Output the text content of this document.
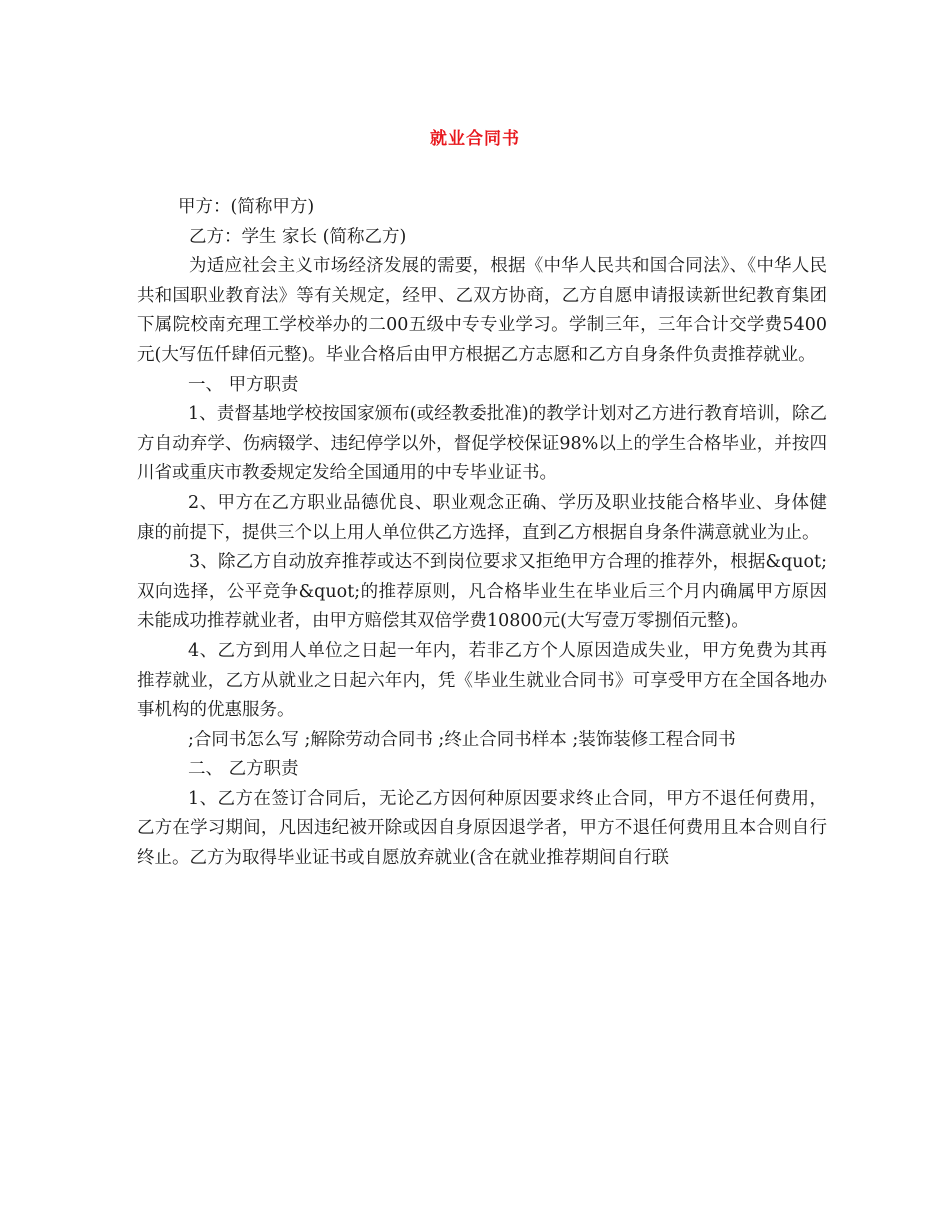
就业合同书

甲方：(简称甲方)

乙方：学生 家长 (简称乙方)

为适应社会主义市场经济发展的需要，根据《中华人民共和国合同法》、《中华人民共和国职业教育法》等有关规定，经甲、乙双方协商，乙方自愿申请报读新世纪教育集团下属院校南充理工学校举办的二00五级中专专业学习。学制三年，三年合计交学费5400元(大写伍仟肆佰元整)。毕业合格后由甲方根据乙方志愿和乙方自身条件负责推荐就业。

一、 甲方职责

1、责督基地学校按国家颁布(或经教委批准)的教学计划对乙方进行教育培训，除乙方自动弃学、伤病辍学、违纪停学以外，督促学校保证98%以上的学生合格毕业，并按四川省或重庆市教委规定发给全国通用的中专毕业证书。

2、甲方在乙方职业品德优良、职业观念正确、学历及职业技能合格毕业、身体健康的前提下，提供三个以上用人单位供乙方选择，直到乙方根据自身条件满意就业为止。

3、除乙方自动放弃推荐或达不到岗位要求又拒绝甲方合理的推荐外，根据&quot;双向选择，公平竞争&quot;的推荐原则，凡合格毕业生在毕业后三个月内确属甲方原因未能成功推荐就业者，由甲方赔偿其双倍学费10800元(大写壹万零捌佰元整)。

4、乙方到用人单位之日起一年内，若非乙方个人原因造成失业，甲方免费为其再推荐就业，乙方从就业之日起六年内，凭《毕业生就业合同书》可享受甲方在全国各地办事机构的优惠服务。

;合同书怎么写 ;解除劳动合同书 ;终止合同书样本 ;装饰装修工程合同书

二、 乙方职责

1、乙方在签订合同后，无论乙方因何种原因要求终止合同，甲方不退任何费用，乙方在学习期间，凡因违纪被开除或因自身原因退学者，甲方不退任何费用且本合则自行终止。乙方为取得毕业证书或自愿放弃就业(含在就业推荐期间自行联
